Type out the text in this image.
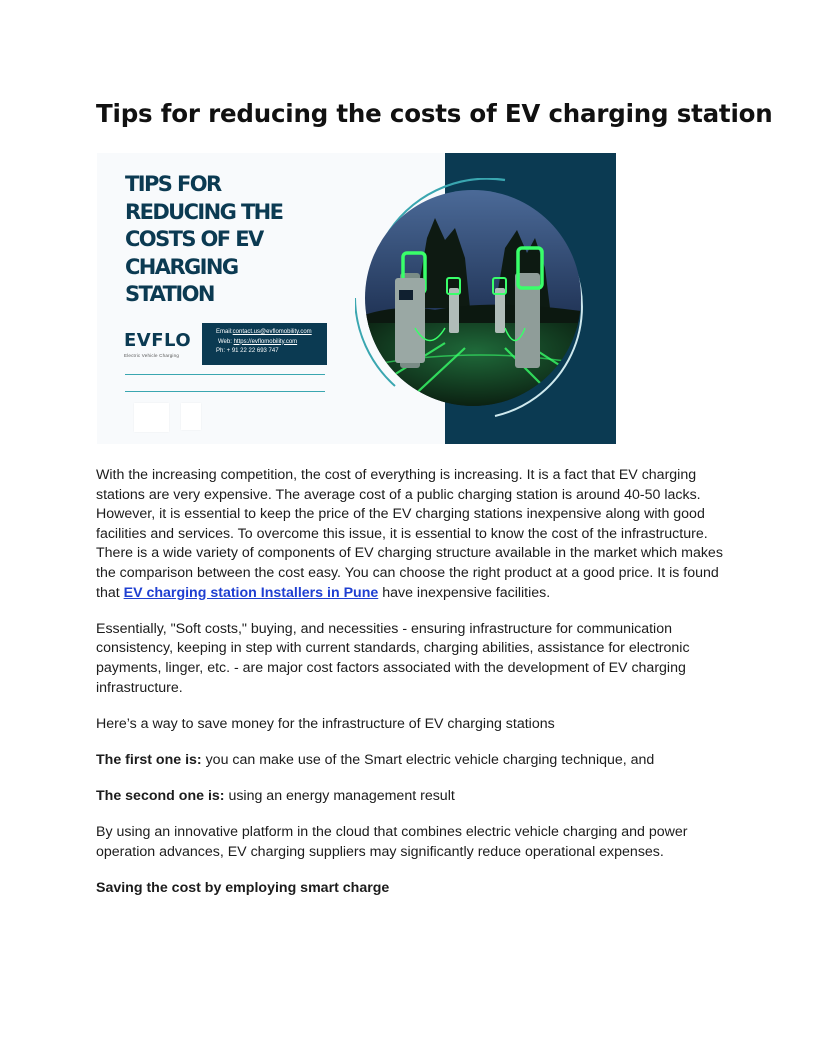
Tips for reducing the costs of EV charging station
TIPS FOR
REDUCING THE
COSTS OF EV
CHARGING
STATION
EVFLO
Electric Vehicle Charging
Email:contact.us@evflomobility.com
Web: https://evflomobility.com
Ph: + 91 22 22 693 747

With the increasing competition, the cost of everything is increasing. It is a fact that EV charging stations are very expensive. The average cost of a public charging station is around 40-50 lacks. However, it is essential to keep the price of the EV charging stations inexpensive along with good facilities and services. To overcome this issue, it is essential to know the cost of the infrastructure. There is a wide variety of components of EV charging structure available in the market which makes the comparison between the cost easy. You can choose the right product at a good price. It is found that EV charging station Installers in Pune have inexpensive facilities.

Essentially, "Soft costs," buying, and necessities - ensuring infrastructure for communication consistency, keeping in step with current standards, charging abilities, assistance for electronic payments, linger, etc. - are major cost factors associated with the development of EV charging infrastructure.

Here’s a way to save money for the infrastructure of EV charging stations

The first one is: you can make use of the Smart electric vehicle charging technique, and

The second one is: using an energy management result

By using an innovative platform in the cloud that combines electric vehicle charging and power operation advances, EV charging suppliers may significantly reduce operational expenses.

Saving the cost by employing smart charge
